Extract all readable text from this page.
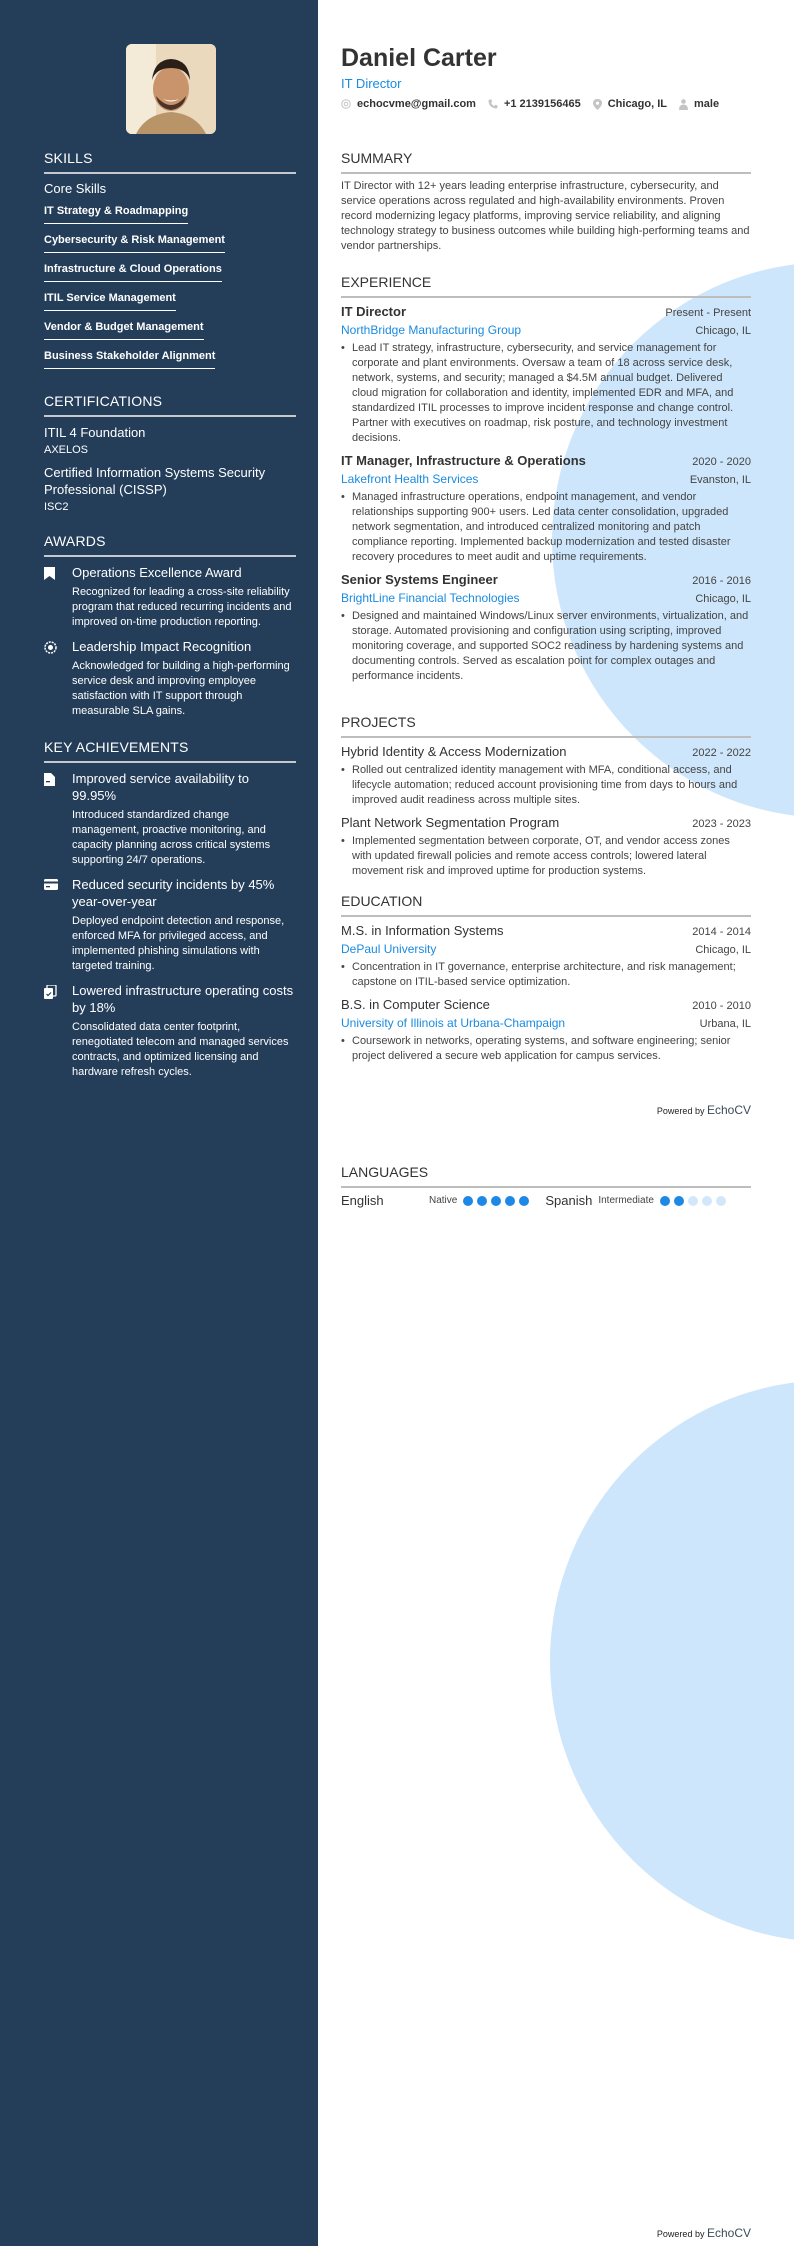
SKILLS
Core Skills
IT Strategy & Roadmapping
Cybersecurity & Risk Management
Infrastructure & Cloud Operations
ITIL Service Management
Vendor & Budget Management
Business Stakeholder Alignment
CERTIFICATIONS
ITIL 4 Foundation
AXELOS
Certified Information Systems Security Professional (CISSP)
ISC2
AWARDS
Operations Excellence Award
Recognized for leading a cross-site reliability program that reduced recurring incidents and improved on-time production reporting.
Leadership Impact Recognition
Acknowledged for building a high-performing service desk and improving employee satisfaction with IT support through measurable SLA gains.
KEY ACHIEVEMENTS
Improved service availability to 99.95%
Introduced standardized change management, proactive monitoring, and capacity planning across critical systems supporting 24/7 operations.
Reduced security incidents by 45% year-over-year
Deployed endpoint detection and response, enforced MFA for privileged access, and implemented phishing simulations with targeted training.
Lowered infrastructure operating costs by 18%
Consolidated data center footprint, renegotiated telecom and managed services contracts, and optimized licensing and hardware refresh cycles.
Daniel Carter
IT Director
echocvme@gmail.com	+1 2139156465 Chicago, IL male
SUMMARY
IT Director with 12+ years leading enterprise infrastructure, cybersecurity, and service operations across regulated and high-availability environments. Proven record modernizing legacy platforms, improving service reliability, and aligning technology strategy to business outcomes while building high-performing teams and vendor partnerships.
EXPERIENCE
IT Director	Present - Present
NorthBridge Manufacturing Group	Chicago, IL
• Lead IT strategy, infrastructure, cybersecurity, and service management for corporate and plant environments. Oversaw a team of 18 across service desk, network, systems, and security; managed a $4.5M annual budget. Delivered cloud migration for collaboration and identity, implemented EDR and MFA, and standardized ITIL processes to improve incident response and change control. Partner with executives on roadmap, risk posture, and technology investment decisions.
IT Manager, Infrastructure & Operations	2020 - 2020
Lakefront Health Services	Evanston, IL
• Managed infrastructure operations, endpoint management, and vendor relationships supporting 900+ users. Led data center consolidation, upgraded network segmentation, and introduced centralized monitoring and patch compliance reporting. Implemented backup modernization and tested disaster recovery procedures to meet audit and uptime requirements.
Senior Systems Engineer	2016 - 2016
BrightLine Financial Technologies	Chicago, IL
• Designed and maintained Windows/Linux server environments, virtualization, and storage. Automated provisioning and configuration using scripting, improved monitoring coverage, and supported SOC2 readiness by hardening systems and documenting controls. Served as escalation point for complex outages and performance incidents.
PROJECTS
Hybrid Identity & Access Modernization	2022 - 2022
• Rolled out centralized identity management with MFA, conditional access, and lifecycle automation; reduced account provisioning time from days to hours and improved audit readiness across multiple sites.
Plant Network Segmentation Program	2023 - 2023
• Implemented segmentation between corporate, OT, and vendor access zones with updated firewall policies and remote access controls; lowered lateral movement risk and improved uptime for production systems.
EDUCATION
M.S. in Information Systems	2014 - 2014
DePaul University	Chicago, IL
• Concentration in IT governance, enterprise architecture, and risk management; capstone on ITIL-based service optimization.
B.S. in Computer Science	2010 - 2010
University of Illinois at Urbana-Champaign	Urbana, IL
• Coursework in networks, operating systems, and software engineering; senior project delivered a secure web application for campus services.
Powered by EchoCV
LANGUAGES
English	Native	Spanish Intermediate
Powered by EchoCV
